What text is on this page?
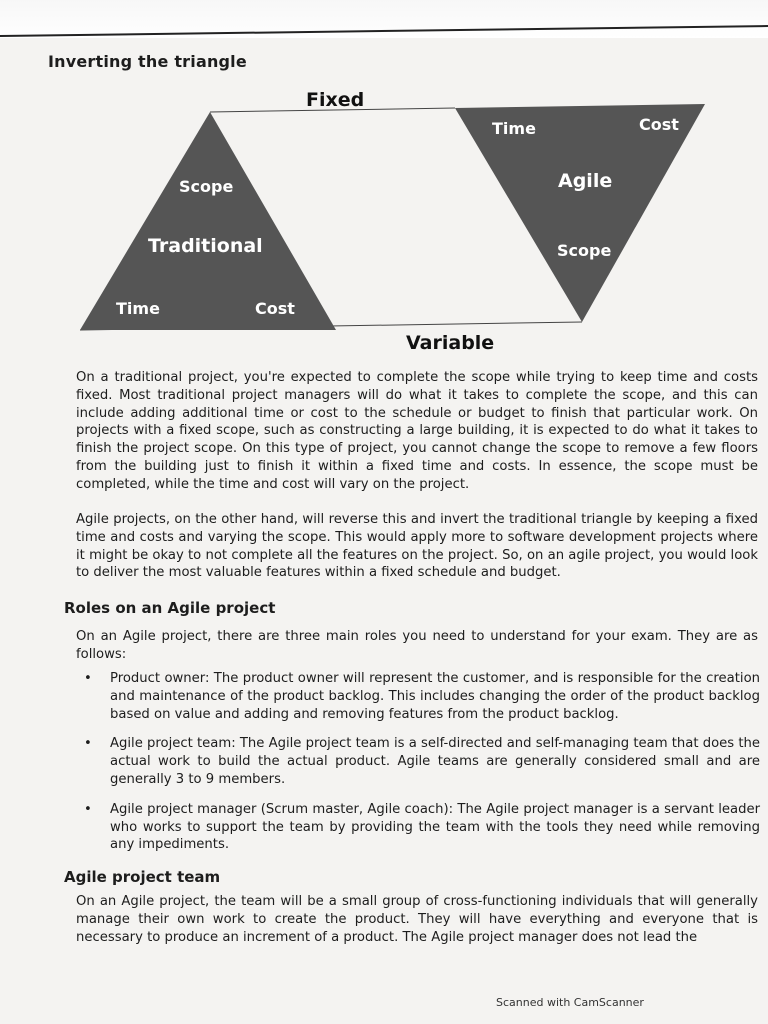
Inverting the triangle
Fixed
Variable
Scope
Traditional
Time	Cost
Time	Cost
Agile
Scope
On a traditional project, you're expected to complete the scope while trying to keep time and costs fixed. Most traditional project managers will do what it takes to complete the scope, and this can include adding additional time or cost to the schedule or budget to finish that particular work. On projects with a fixed scope, such as constructing a large building, it is expected to do what it takes to finish the project scope. On this type of project, you cannot change the scope to remove a few floors from the building just to finish it within a fixed time and costs. In essence, the scope must be completed, while the time and cost will vary on the project.
Agile projects, on the other hand, will reverse this and invert the traditional triangle by keeping a fixed time and costs and varying the scope. This would apply more to software development projects where it might be okay to not complete all the features on the project. So, on an agile project, you would look to deliver the most valuable features within a fixed schedule and budget.
Roles on an Agile project
On an Agile project, there are three main roles you need to understand for your exam. They are as follows:
• Product owner: The product owner will represent the customer, and is responsible for the creation and maintenance of the product backlog. This includes changing the order of the product backlog based on value and adding and removing features from the product backlog.
• Agile project team: The Agile project team is a self-directed and self-managing team that does the actual work to build the actual product. Agile teams are generally considered small and are generally 3 to 9 members.
• Agile project manager (Scrum master, Agile coach): The Agile project manager is a servant leader who works to support the team by providing the team with the tools they need while removing any impediments.
Agile project team
On an Agile project, the team will be a small group of cross-functioning individuals that will generally manage their own work to create the product. They will have everything and everyone that is necessary to produce an increment of a product. The Agile project manager does not lead the
Scanned with CamScanner
